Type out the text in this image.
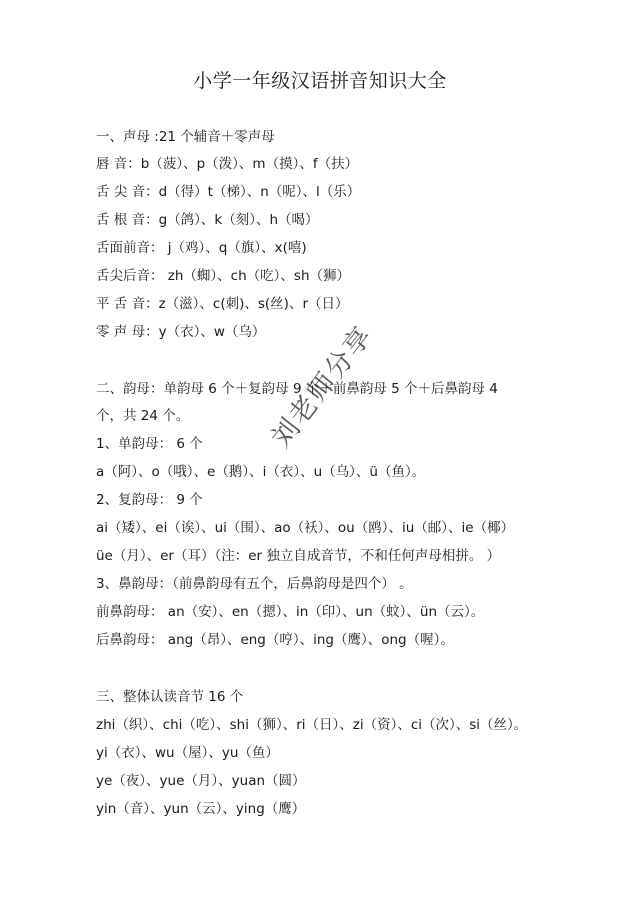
小学一年级汉语拼音知识大全
一、声母 :21 个辅音＋零声母
唇 音：b（菠）、p（泼）、m（摸）、f（扶）
舌 尖 音：d（得）t（梯）、n（呢）、l（乐）
舌 根 音：g（鸽）、k（刻）、h（喝）
舌面前音： j（鸡）、q（旗）、x(嘻)
舌尖后音： zh（蜘）、ch（吃）、sh（狮）
平 舌 音：z（滋）、c(刺)、s(丝)、r（日）
零 声 母：y（衣）、w（乌）
二、韵母：单韵母 6 个＋复韵母 9 个＋前鼻韵母 5 个＋后鼻韵母 4
个，共 24 个。
1、单韵母： 6 个
a（阿）、o（哦）、e（鹅）、i（衣）、u（乌）、ü（鱼）。
2、复韵母： 9 个
ai（矮）、ei（诶）、ui（围）、ao（袄）、ou（鸥）、iu（邮）、ie（椰）
üe（月）、er（耳）（注：er 独立自成音节，不和任何声母相拼。 ）
3、鼻韵母：（前鼻韵母有五个，后鼻韵母是四个） 。
前鼻韵母： an（安）、en（摁）、in（印）、un（蚊）、ün（云）。
后鼻韵母： ang（昂）、eng（哼）、ing（鹰）、ong（喔）。
三、整体认读音节 16 个
zhi（织）、chi（吃）、shi（狮）、ri（日）、zi（资）、ci（次）、si（丝）。
yi（衣）、wu（屋）、yu（鱼）
ye（夜）、yue（月）、yuan（圆）
yin（音）、yun（云）、ying（鹰）
刘老师分享
